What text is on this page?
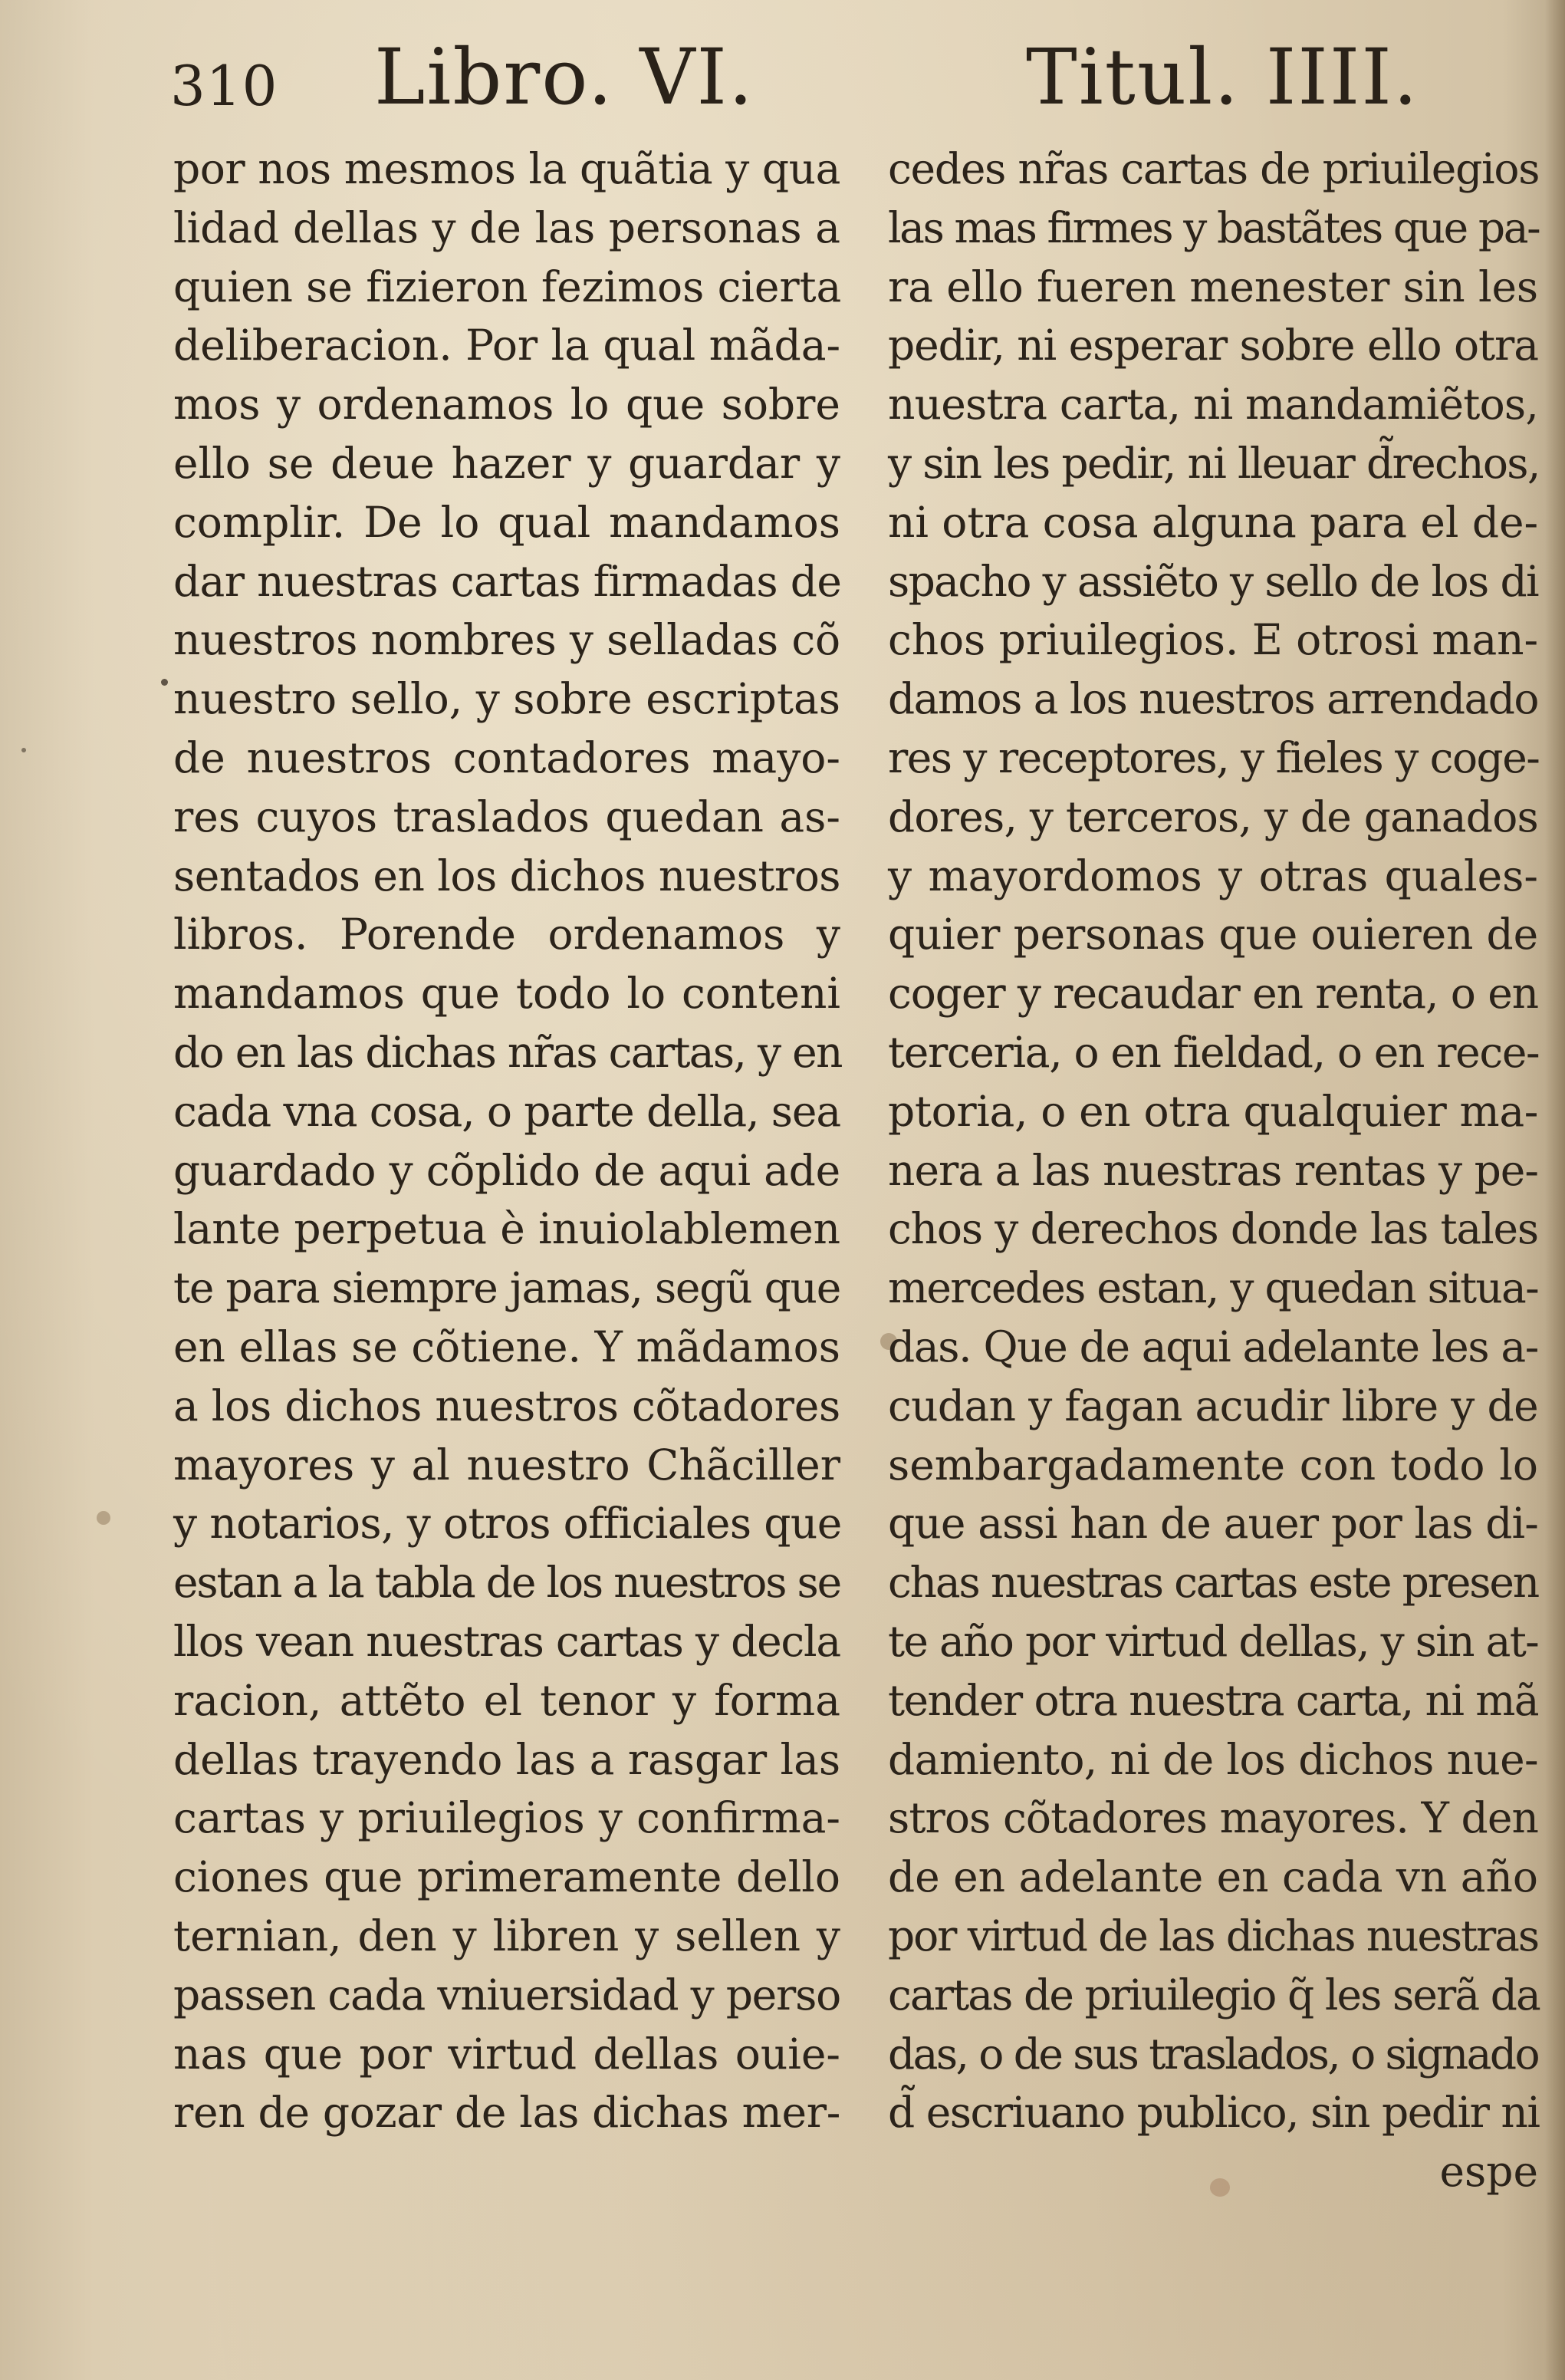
310 Libro. VI.	Titul. IIII.
por nos mesmos la quãtia y qua
lidad dellas y de las personas a
quien se fizieron fezimos cierta
deliberacion. Por la qual mãda-
mos y ordenamos lo que sobre
ello se deue hazer y guardar y
complir. De lo qual mandamos
dar nuestras cartas firmadas de
nuestros nombres y selladas cõ
nuestro sello, y sobre escriptas
de nuestros contadores mayo-
res cuyos traslados quedan as-
sentados en los dichos nuestros
libros. Porende ordenamos y
mandamos que todo lo conteni
do en las dichas nr̃as cartas, y en
cada vna cosa, o parte della, sea
guardado y cõplido de aqui ade
lante perpetua è inuiolablemen
te para siempre jamas, segũ que
en ellas se cõtiene. Y mãdamos
a los dichos nuestros cõtadores
mayores y al nuestro Chãciller
y notarios, y otros officiales que
estan a la tabla de los nuestros se
llos vean nuestras cartas y decla
racion, attẽto el tenor y forma
dellas trayendo las a rasgar las
cartas y priuilegios y confirma-
ciones que primeramente dello
ternian, den y libren y sellen y
passen cada vniuersidad y perso
nas que por virtud dellas ouie-
ren de gozar de las dichas mer-
cedes nr̃as cartas de priuilegios
las mas firmes y bastãtes que pa-
ra ello fueren menester sin les
pedir, ni esperar sobre ello otra
nuestra carta, ni mandamiẽtos,
y sin les pedir, ni lleuar d̃rechos,
ni otra cosa alguna para el de-
spacho y assiẽto y sello de los di
chos priuilegios. E otrosi man-
damos a los nuestros arrendado
res y receptores, y fieles y coge-
dores, y terceros, y de ganados
y mayordomos y otras quales-
quier personas que ouieren de
coger y recaudar en renta, o en
terceria, o en fieldad, o en rece-
ptoria, o en otra qualquier ma-
nera a las nuestras rentas y pe-
chos y derechos donde las tales
mercedes estan, y quedan situa-
das. Que de aqui adelante les a-
cudan y fagan acudir libre y de
sembargadamente con todo lo
que assi han de auer por las di-
chas nuestras cartas este presen
te año por virtud dellas, y sin at-
tender otra nuestra carta, ni mã
damiento, ni de los dichos nue-
stros cõtadores mayores. Y den
de en adelante en cada vn año
por virtud de las dichas nuestras
cartas de priuilegio q̃ les serã da
das, o de sus traslados, o signado
d̃ escriuano publico, sin pedir ni
espe
